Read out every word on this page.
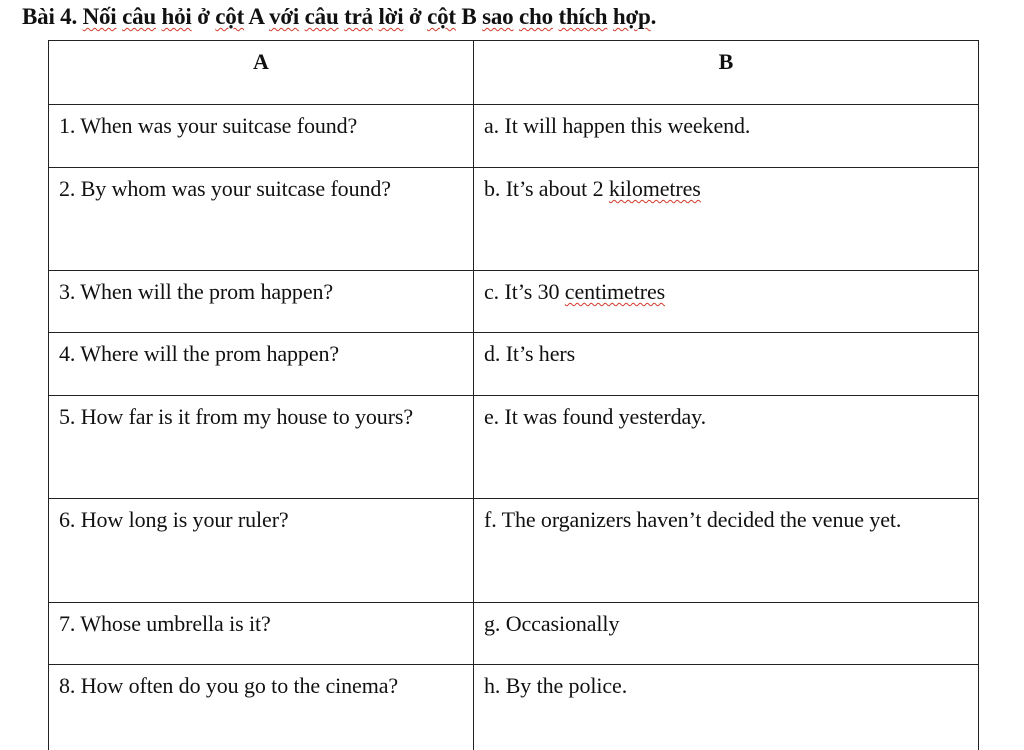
Bài 4. Nối câu hỏi ở cột A với câu trả lời ở cột B sao cho thích hợp.
A	B

1. When was your suitcase found?	a. It will happen this weekend.

2. By whom was your suitcase found?	b. It’s about 2 kilometres

3. When will the prom happen?	c. It’s 30 centimetres

4. Where will the prom happen?	d. It’s hers

5. How far is it from my house to yours?	e. It was found yesterday.

6. How long is your ruler?	f. The organizers haven’t decided the venue yet.

7. Whose umbrella is it?	g. Occasionally

8. How often do you go to the cinema?	h. By the police.
